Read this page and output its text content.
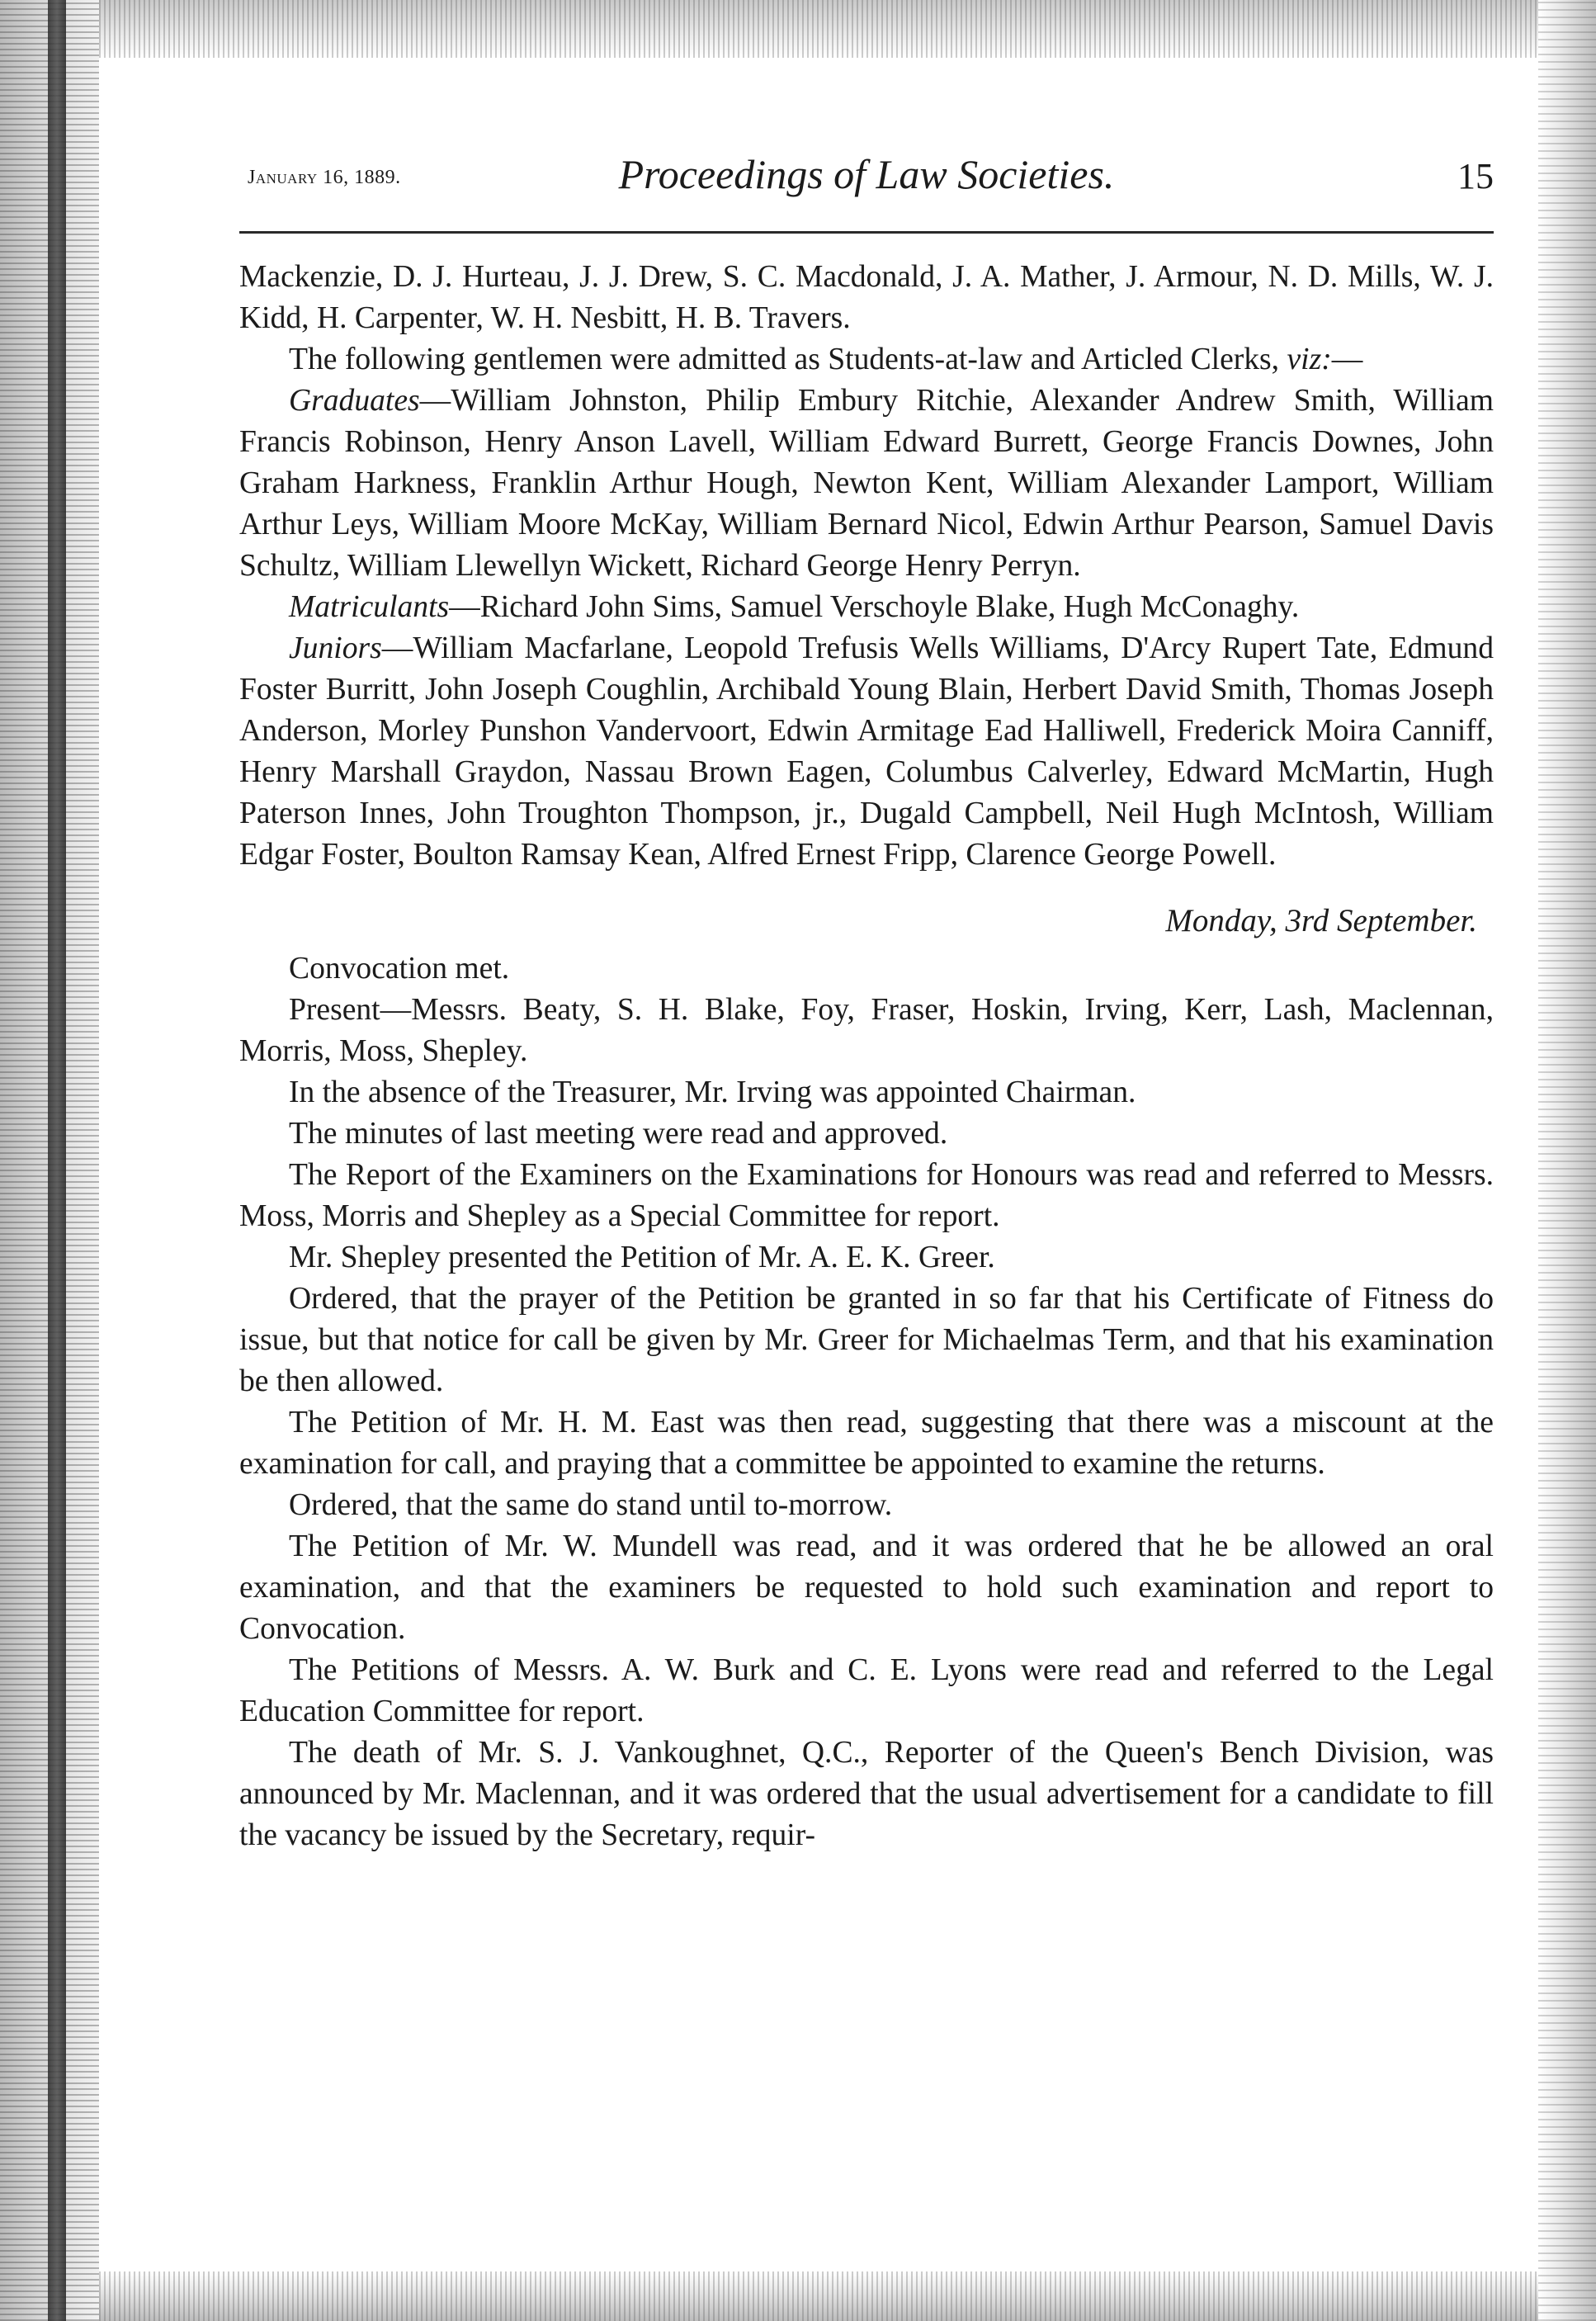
January 16, 1889.	Proceedings of Law Societies.	15

Mackenzie, D. J. Hurteau, J. J. Drew, S. C. Macdonald, J. A. Mather, J. Armour, N. D. Mills, W. J. Kidd, H. Carpenter, W. H. Nesbitt, H. B. Travers.

The following gentlemen were admitted as Students-at-law and Articled Clerks, viz:—

Graduates—William Johnston, Philip Embury Ritchie, Alexander Andrew Smith, William Francis Robinson, Henry Anson Lavell, William Edward Burrett, George Francis Downes, John Graham Harkness, Franklin Arthur Hough, Newton Kent, William Alexander Lamport, William Arthur Leys, William Moore McKay, William Bernard Nicol, Edwin Arthur Pearson, Samuel Davis Schultz, William Llewellyn Wickett, Richard George Henry Perryn.

Matriculants—Richard John Sims, Samuel Verschoyle Blake, Hugh McConaghy.

Juniors—William Macfarlane, Leopold Trefusis Wells Williams, D'Arcy Rupert Tate, Edmund Foster Burritt, John Joseph Coughlin, Archibald Young Blain, Herbert David Smith, Thomas Joseph Anderson, Morley Punshon Vandervoort, Edwin Armitage Ead Halliwell, Frederick Moira Canniff, Henry Marshall Graydon, Nassau Brown Eagen, Columbus Calverley, Edward McMartin, Hugh Paterson Innes, John Troughton Thompson, jr., Dugald Campbell, Neil Hugh McIntosh, William Edgar Foster, Boulton Ramsay Kean, Alfred Ernest Fripp, Clarence George Powell.

Monday, 3rd September.

Convocation met.

Present—Messrs. Beaty, S. H. Blake, Foy, Fraser, Hoskin, Irving, Kerr, Lash, Maclennan, Morris, Moss, Shepley.

In the absence of the Treasurer, Mr. Irving was appointed Chairman.

The minutes of last meeting were read and approved.

The Report of the Examiners on the Examinations for Honours was read and referred to Messrs. Moss, Morris and Shepley as a Special Committee for report.

Mr. Shepley presented the Petition of Mr. A. E. K. Greer.

Ordered, that the prayer of the Petition be granted in so far that his Certificate of Fitness do issue, but that notice for call be given by Mr. Greer for Michaelmas Term, and that his examination be then allowed.

The Petition of Mr. H. M. East was then read, suggesting that there was a miscount at the examination for call, and praying that a committee be appointed to examine the returns.

Ordered, that the same do stand until to-morrow.

The Petition of Mr. W. Mundell was read, and it was ordered that he be allowed an oral examination, and that the examiners be requested to hold such examination and report to Convocation.

The Petitions of Messrs. A. W. Burk and C. E. Lyons were read and referred to the Legal Education Committee for report.

The death of Mr. S. J. Vankoughnet, Q.C., Reporter of the Queen's Bench Division, was announced by Mr. Maclennan, and it was ordered that the usual advertisement for a candidate to fill the vacancy be issued by the Secretary, requir-
